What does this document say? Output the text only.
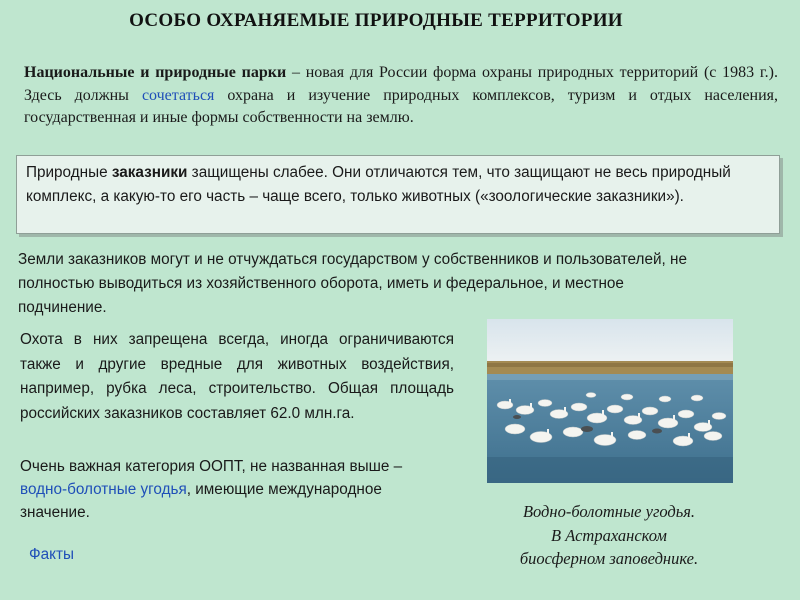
ОСОБО ОХРАНЯЕМЫЕ ПРИРОДНЫЕ ТЕРРИТОРИИ
Национальные и природные парки – новая для России форма охраны природных территорий (с 1983 г.). Здесь должны сочетаться охрана и изучение природных комплексов, туризм и отдых населения, государственная и иные формы собственности на землю.
Природные заказники защищены слабее. Они отличаются тем, что защищают не весь природный комплекс, а какую-то его часть – чаще всего, только животных («зоологические заказники»).
Земли заказников могут и не отчуждаться государством у собственников и пользователей, не полностью выводиться из хозяйственного оборота, иметь и федеральное, и местное подчинение.
Охота в них запрещена всегда, иногда ограничиваются также и другие вредные для животных воздействия, например, рубка леса, строительство. Общая площадь российских заказников составляет 62.0 млн.га.
Очень важная категория ООПТ, не названная выше – водно-болотные угодья, имеющие международное значение.
Факты
Водно-болотные угодья.
В Астраханском
биосферном заповеднике.
